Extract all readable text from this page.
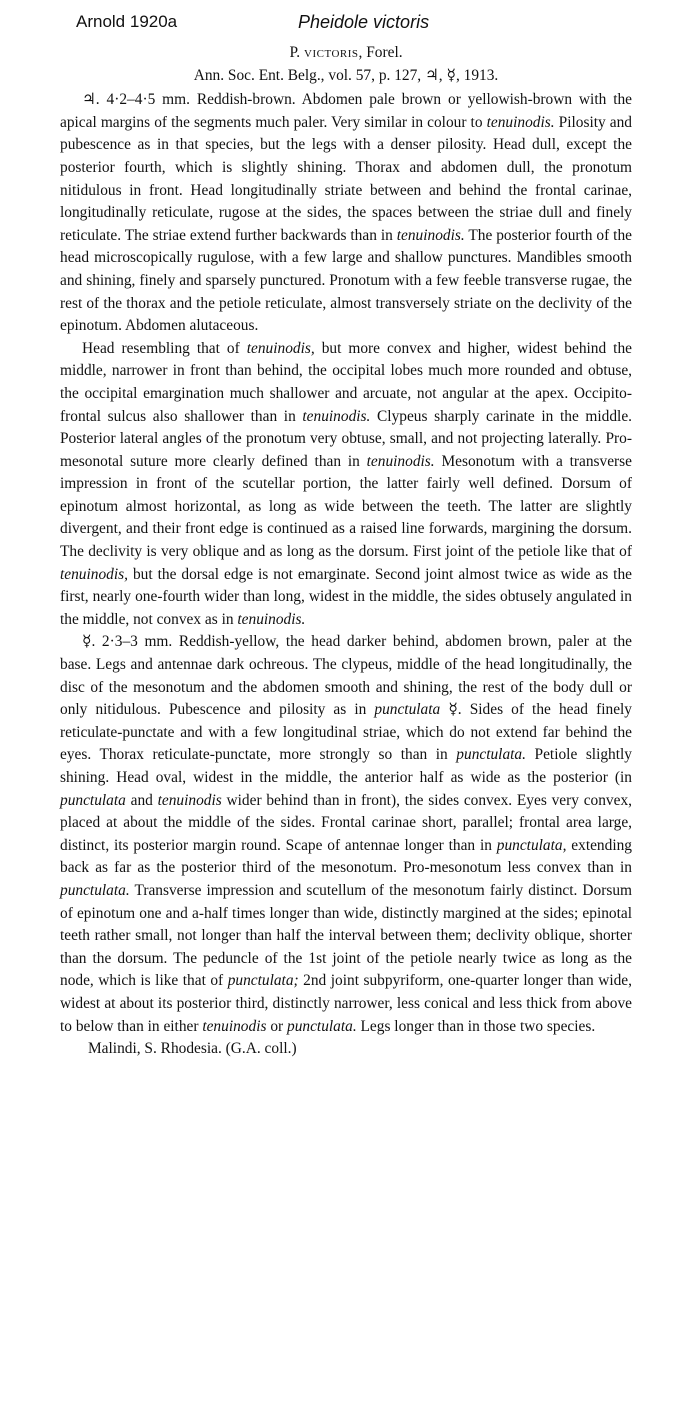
Arnold 1920a	Pheidole victoris

P. victoris, Forel.

Ann. Soc. Ent. Belg., vol. 57, p. 127, ♃, ☿, 1913.

♃. 4·2–4·5 mm. Reddish-brown. Abdomen pale brown or yellowish-brown with the apical margins of the segments much paler. Very similar in colour to tenuinodis. Pilosity and pubescence as in that species, but the legs with a denser pilosity. Head dull, except the posterior fourth, which is slightly shining. Thorax and abdomen dull, the pronotum nitidulous in front. Head longitudinally striate between and behind the frontal carinae, longitudinally reticulate, rugose at the sides, the spaces between the striae dull and finely reticulate. The striae extend further backwards than in tenuinodis. The posterior fourth of the head microscopically rugulose, with a few large and shallow punctures. Mandibles smooth and shining, finely and sparsely punctured. Pronotum with a few feeble transverse rugae, the rest of the thorax and the petiole reticulate, almost transversely striate on the declivity of the epinotum. Abdomen alutaceous.

Head resembling that of tenuinodis, but more convex and higher, widest behind the middle, narrower in front than behind, the occipital lobes much more rounded and obtuse, the occipital emargination much shallower and arcuate, not angular at the apex. Occipito-frontal sulcus also shallower than in tenuinodis. Clypeus sharply carinate in the middle. Posterior lateral angles of the pronotum very obtuse, small, and not projecting laterally. Pro-mesonotal suture more clearly defined than in tenuinodis. Mesonotum with a transverse impression in front of the scutellar portion, the latter fairly well defined. Dorsum of epinotum almost horizontal, as long as wide between the teeth. The latter are slightly divergent, and their front edge is continued as a raised line forwards, margining the dorsum. The declivity is very oblique and as long as the dorsum. First joint of the petiole like that of tenuinodis, but the dorsal edge is not emarginate. Second joint almost twice as wide as the first, nearly one-fourth wider than long, widest in the middle, the sides obtusely angulated in the middle, not convex as in tenuinodis.

☿. 2·3–3 mm. Reddish-yellow, the head darker behind, abdomen brown, paler at the base. Legs and antennae dark ochreous. The clypeus, middle of the head longitudinally, the disc of the mesonotum and the abdomen smooth and shining, the rest of the body dull or only nitidulous. Pubescence and pilosity as in punctulata ☿. Sides of the head finely reticulate-punctate and with a few longitudinal striae, which do not extend far behind the eyes. Thorax reticulate-punctate, more strongly so than in punctulata. Petiole slightly shining. Head oval, widest in the middle, the anterior half as wide as the posterior (in punctulata and tenuinodis wider behind than in front), the sides convex. Eyes very convex, placed at about the middle of the sides. Frontal carinae short, parallel; frontal area large, distinct, its posterior margin round. Scape of antennae longer than in punctulata, extending back as far as the posterior third of the mesonotum. Pro-mesonotum less convex than in punctulata. Transverse impression and scutellum of the mesonotum fairly distinct. Dorsum of epinotum one and a-half times longer than wide, distinctly margined at the sides; epinotal teeth rather small, not longer than half the interval between them; declivity oblique, shorter than the dorsum. The peduncle of the 1st joint of the petiole nearly twice as long as the node, which is like that of punctulata; 2nd joint subpyriform, one-quarter longer than wide, widest at about its posterior third, distinctly narrower, less conical and less thick from above to below than in either tenuinodis or punctulata. Legs longer than in those two species.

Malindi, S. Rhodesia. (G.A. coll.)
